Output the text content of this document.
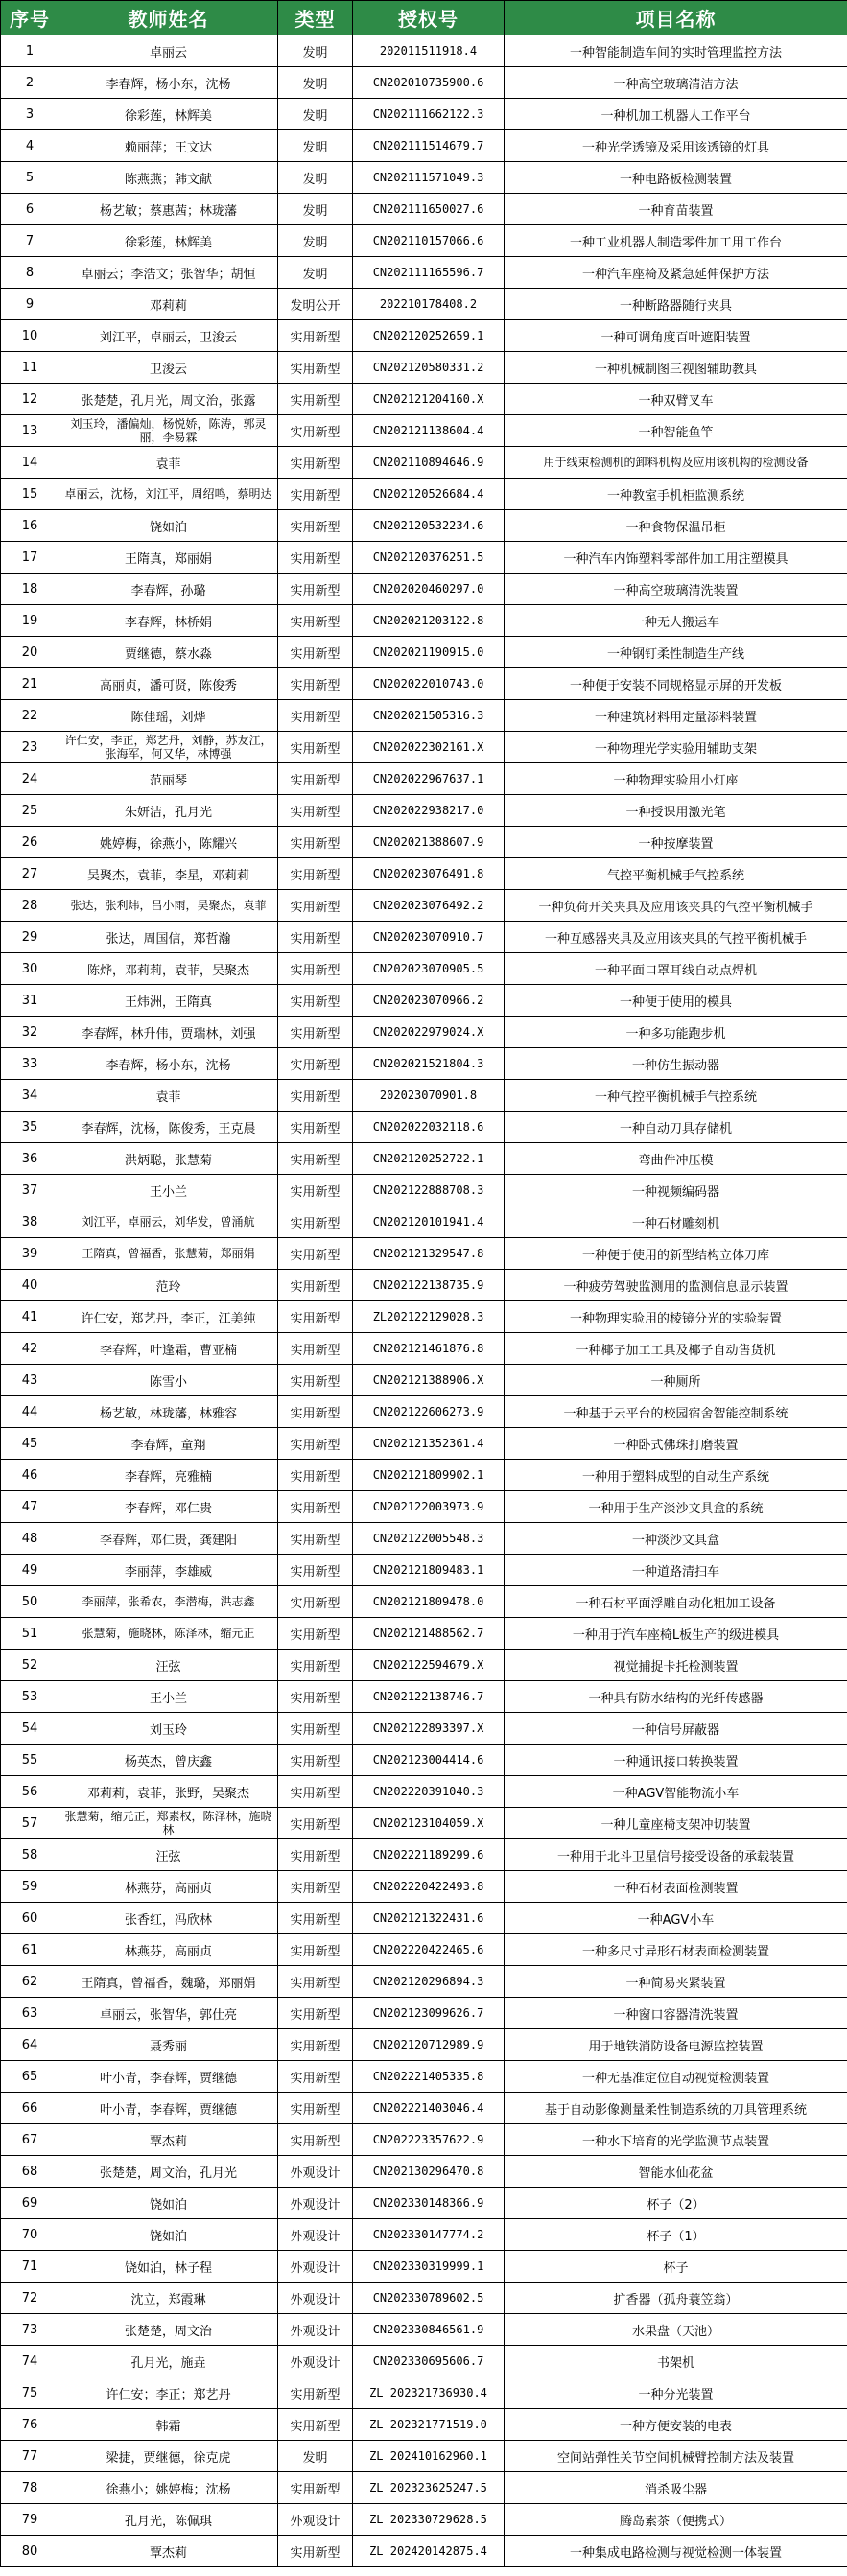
序号	教师姓名	类型	授权号	项目名称
1	卓丽云	发明	202011511918.4	一种智能制造车间的实时管理监控方法
2	李春辉，杨小东，沈杨	发明	CN202010735900.6	一种高空玻璃清洁方法
3	徐彩莲，林辉美	发明	CN202111662122.3	一种机加工机器人工作平台
4	赖丽萍；王文达	发明	CN202111514679.7	一种光学透镜及采用该透镜的灯具
5	陈燕燕；韩文献	发明	CN202111571049.3	一种电路板检测装置
6	杨艺敏；蔡惠茜；林珑藩	发明	CN202111650027.6	一种育苗装置
7	徐彩莲，林辉美	发明	CN202110157066.6	一种工业机器人制造零件加工用工作台
8	卓丽云；李浩文；张智华；胡恒	发明	CN202111165596.7	一种汽车座椅及紧急延伸保护方法
9	邓莉莉	发明公开	202210178408.2	一种断路器随行夹具
10	刘江平，卓丽云，卫浚云	实用新型	CN202120252659.1	一种可调角度百叶遮阳装置
11	卫浚云	实用新型	CN202120580331.2	一种机械制图三视图辅助教具
12	张楚楚，孔月光，周文治，张露	实用新型	CN202121204160.X	一种双臂叉车
13	刘玉玲，潘偏灿，杨悦娇，陈涛，郭灵丽，李易霖	实用新型	CN202121138604.4	一种智能鱼竿
14	袁菲	实用新型	CN202110894646.9	用于线束检测机的卸料机构及应用该机构的检测设备
15	卓丽云，沈杨，刘江平，周绍鸣，蔡明达	实用新型	CN202120526684.4	一种教室手机柜监测系统
16	饶如泊	实用新型	CN202120532234.6	一种食物保温吊柜
17	王隋真，郑丽娟	实用新型	CN202120376251.5	一种汽车内饰塑料零部件加工用注塑模具
18	李春辉，孙璐	实用新型	CN202020460297.0	一种高空玻璃清洗装置
19	李春辉，林桥娟	实用新型	CN202021203122.8	一种无人搬运车
20	贾继德，蔡水淼	实用新型	CN202021190915.0	一种钢钉柔性制造生产线
21	高丽贞，潘可贤，陈俊秀	实用新型	CN202022010743.0	一种便于安装不同规格显示屏的开发板
22	陈佳瑶，刘烨	实用新型	CN202021505316.3	一种建筑材料用定量添料装置
23	许仁安，李正，郑艺丹，刘静，苏友江，张海军，何又华，林博强	实用新型	CN202022302161.X	一种物理光学实验用辅助支架
24	范丽琴	实用新型	CN202022967637.1	一种物理实验用小灯座
25	朱妍洁，孔月光	实用新型	CN202022938217.0	一种授课用激光笔
26	姚婷梅，徐燕小，陈耀兴	实用新型	CN202021388607.9	一种按摩装置
27	吴聚杰，袁菲，李星，邓莉莉	实用新型	CN202023076491.8	气控平衡机械手气控系统
28	张达，张利炜，吕小雨，吴聚杰，袁菲	实用新型	CN202023076492.2	一种负荷开关夹具及应用该夹具的气控平衡机械手
29	张达，周国信，郑哲瀚	实用新型	CN202023070910.7	一种互感器夹具及应用该夹具的气控平衡机械手
30	陈烨，邓莉莉，袁菲，吴聚杰	实用新型	CN202023070905.5	一种平面口罩耳线自动点焊机
31	王炜洲，王隋真	实用新型	CN202023070966.2	一种便于使用的模具
32	李春辉，林升伟，贾瑞林，刘强	实用新型	CN202022979024.X	一种多功能跑步机
33	李春辉，杨小东，沈杨	实用新型	CN202021521804.3	一种仿生振动器
34	袁菲	实用新型	202023070901.8	一种气控平衡机械手气控系统
35	李春辉，沈杨，陈俊秀，王克晨	实用新型	CN202022032118.6	一种自动刀具存储机
36	洪炳聪，张慧菊	实用新型	CN202120252722.1	弯曲件冲压模
37	王小兰	实用新型	CN202122888708.3	一种视频编码器
38	刘江平，卓丽云，刘华发，曾涌航	实用新型	CN202120101941.4	一种石材雕刻机
39	王隋真，曾福香，张慧菊，郑丽娟	实用新型	CN202121329547.8	一种便于使用的新型结构立体刀库
40	范玲	实用新型	CN202122138735.9	一种疲劳驾驶监测用的监测信息显示装置
41	许仁安，郑艺丹，李正，江美纯	实用新型	ZL202122129028.3	一种物理实验用的棱镜分光的实验装置
42	李春辉，叶逢霜，曹亚楠	实用新型	CN202121461876.8	一种椰子加工工具及椰子自动售货机
43	陈雪小	实用新型	CN202121388906.X	一种厕所
44	杨艺敏，林珑藩，林雅容	实用新型	CN202122606273.9	一种基于云平台的校园宿舍智能控制系统
45	李春辉，童翔	实用新型	CN202121352361.4	一种卧式佛珠打磨装置
46	李春辉，亮雅楠	实用新型	CN202121809902.1	一种用于塑料成型的自动生产系统
47	李春辉，邓仁贵	实用新型	CN202122003973.9	一种用于生产淡沙文具盒的系统
48	李春辉，邓仁贵，龚建阳	实用新型	CN202122005548.3	一种淡沙文具盒
49	李丽萍，李雄威	实用新型	CN202121809483.1	一种道路清扫车
50	李丽萍，张希农，李潜梅，洪志鑫	实用新型	CN202121809478.0	一种石材平面浮雕自动化粗加工设备
51	张慧菊，施晓林，陈泽林，缩元正	实用新型	CN202121488562.7	一种用于汽车座椅L板生产的级进模具
52	汪弦	实用新型	CN202122594679.X	视觉捕捉卡托检测装置
53	王小兰	实用新型	CN202122138746.7	一种具有防水结构的光纤传感器
54	刘玉玲	实用新型	CN202122893397.X	一种信号屏蔽器
55	杨英杰，曾庆鑫	实用新型	CN202123004414.6	一种通讯接口转换装置
56	邓莉莉，袁菲，张野，吴聚杰	实用新型	CN202220391040.3	一种AGV智能物流小车
57	张慧菊，缩元正，郑素权，陈泽林，施晓林	实用新型	CN202123104059.X	一种儿童座椅支架冲切装置
58	汪弦	实用新型	CN202221189299.6	一种用于北斗卫星信号接受设备的承载装置
59	林燕芬，高丽贞	实用新型	CN202220422493.8	一种石材表面检测装置
60	张香红，冯欣林	实用新型	CN202121322431.6	一种AGV小车
61	林燕芬，高丽贞	实用新型	CN202220422465.6	一种多尺寸异形石材表面检测装置
62	王隋真，曾福香，魏璐，郑丽娟	实用新型	CN202120296894.3	一种简易夹紧装置
63	卓丽云，张智华，郭仕亮	实用新型	CN202123099626.7	一种窗口容器清洗装置
64	聂秀丽	实用新型	CN202120712989.9	用于地铁消防设备电源监控装置
65	叶小青，李春辉，贾继德	实用新型	CN202221405335.8	一种无基准定位自动视觉检测装置
66	叶小青，李春辉，贾继德	实用新型	CN202221403046.4	基于自动影像测量柔性制造系统的刀具管理系统
67	覃杰莉	实用新型	CN202223357622.9	一种水下培育的光学监测节点装置
68	张楚楚，周文治，孔月光	外观设计	CN202130296470.8	智能水仙花盆
69	饶如泊	外观设计	CN202330148366.9	杯子（2）
70	饶如泊	外观设计	CN202330147774.2	杯子（1）
71	饶如泊，林子程	外观设计	CN202330319999.1	杯子
72	沈立，郑霞琳	外观设计	CN202330789602.5	扩香器（孤舟蓑笠翁）
73	张楚楚，周文治	外观设计	CN202330846561.9	水果盘（天池）
74	孔月光，施垚	外观设计	CN202330695606.7	书架机
75	许仁安；李正；郑艺丹	实用新型	ZL 202321736930.4	一种分光装置
76	韩霜	实用新型	ZL 202321771519.0	一种方便安装的电表
77	梁捷，贾继德，徐克虎	发明	ZL 202410162960.1	空间站弹性关节空间机械臂控制方法及装置
78	徐燕小；姚婷梅；沈杨	实用新型	ZL 202323625247.5	消杀吸尘器
79	孔月光，陈佩琪	外观设计	ZL 202330729628.5	腾岛素茶（便携式）
80	覃杰莉	实用新型	ZL 202420142875.4	一种集成电路检测与视觉检测一体装置
